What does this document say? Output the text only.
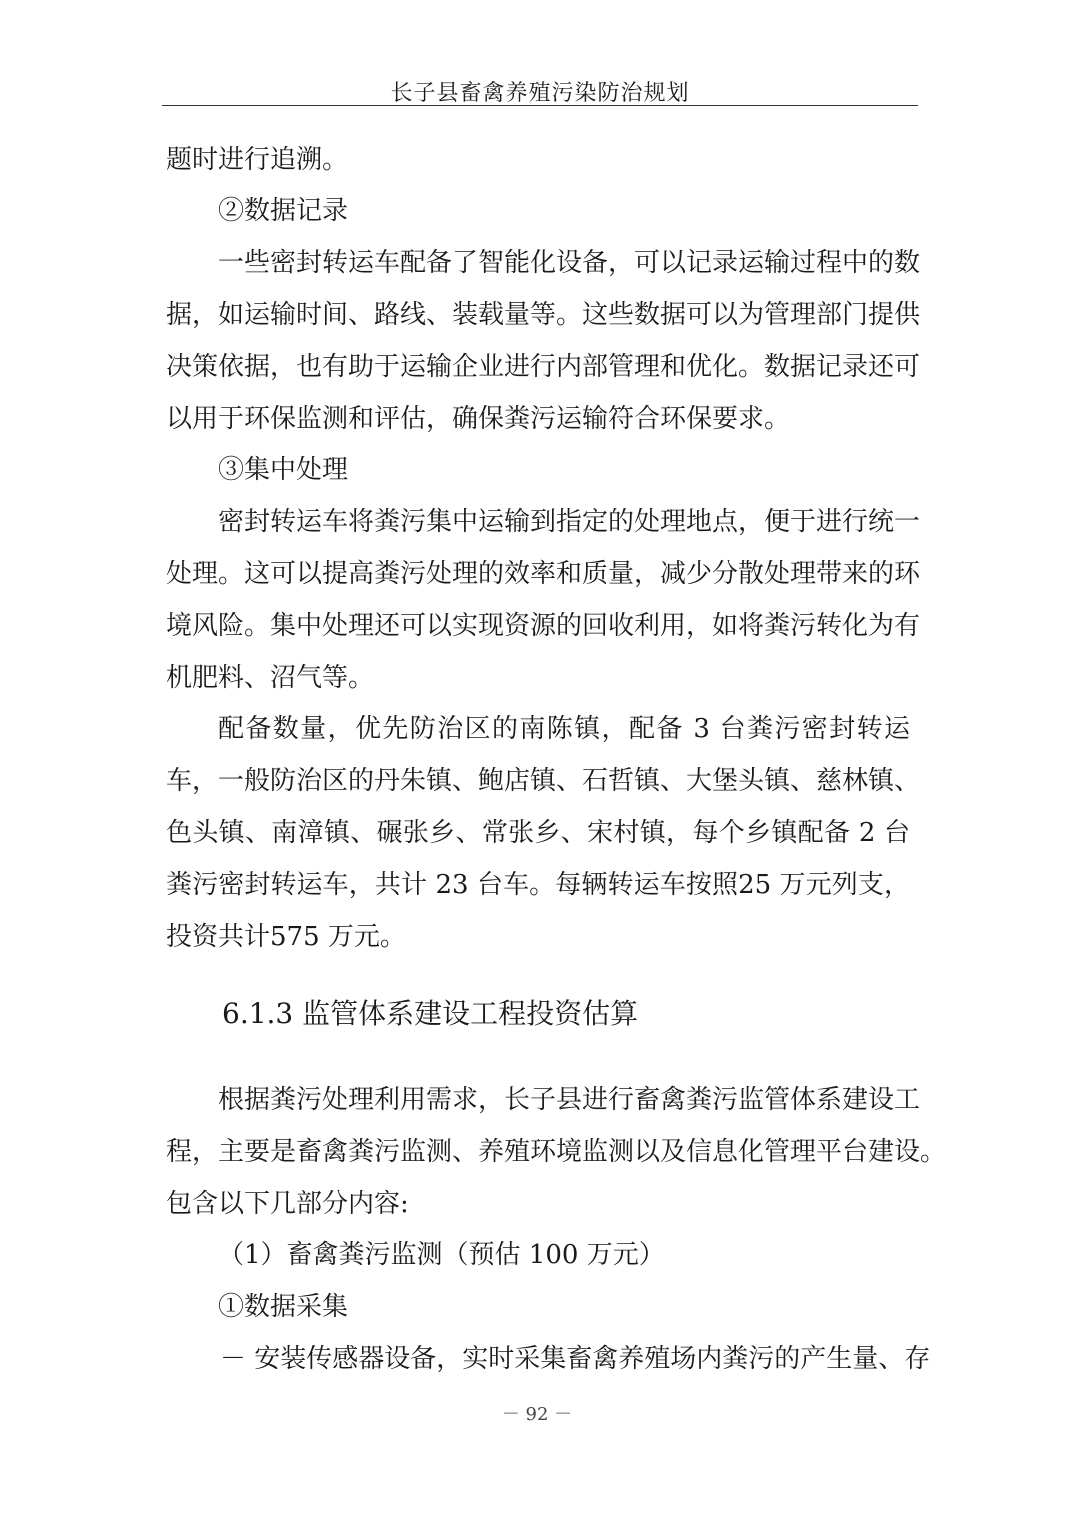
长子县畜禽养殖污染防治规划
题时进行追溯。
②数据记录
一些密封转运车配备了智能化设备，可以记录运输过程中的数
据，如运输时间、路线、装载量等。这些数据可以为管理部门提供
决策依据，也有助于运输企业进行内部管理和优化。数据记录还可
以用于环保监测和评估，确保粪污运输符合环保要求。
③集中处理
密封转运车将粪污集中运输到指定的处理地点，便于进行统一
处理。这可以提高粪污处理的效率和质量，减少分散处理带来的环
境风险。集中处理还可以实现资源的回收利用，如将粪污转化为有
机肥料、沼气等。
配备数量，优先防治区的南陈镇，配备 3 台粪污密封转运
车，一般防治区的丹朱镇、鲍店镇、石哲镇、大堡头镇、慈林镇、
色头镇、南漳镇、碾张乡、常张乡、宋村镇，每个乡镇配备 2 台
粪污密封转运车，共计 23 台车。每辆转运车按照25 万元列支，
投资共计575 万元。
6.1.3 监管体系建设工程投资估算
根据粪污处理利用需求，长子县进行畜禽粪污监管体系建设工
程，主要是畜禽粪污监测、养殖环境监测以及信息化管理平台建设。
包含以下几部分内容:
（1）畜禽粪污监测（预估 100 万元）
①数据采集
－ 安装传感器设备，实时采集畜禽养殖场内粪污的产生量、存
－ 92 －
